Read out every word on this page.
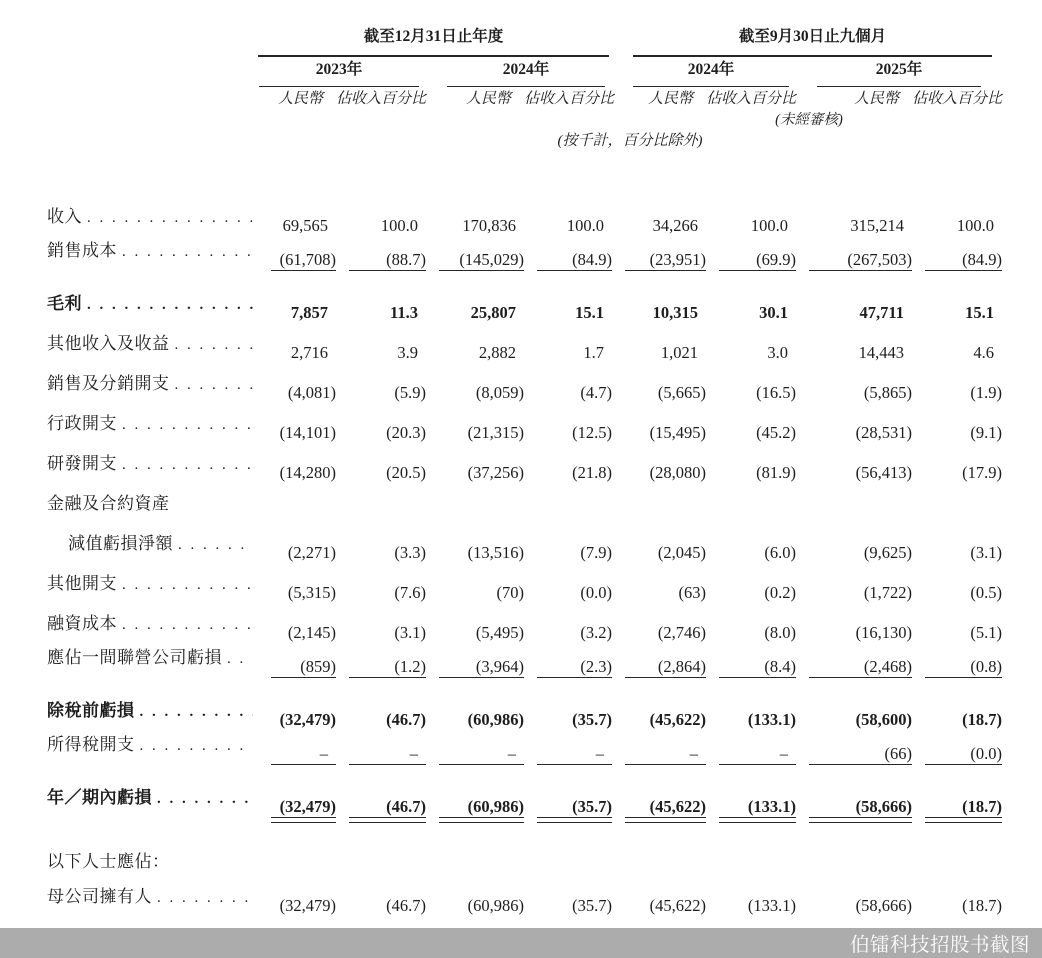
	截至12月31日止年度				截至9月30日止九個月			

	2023年		2024年		2024年		2025年	

	人民幣	佔收入百分比	人民幣	佔收入百分比	人民幣	佔收入百分比	人民幣	佔收入百分比
						(未經審核)		
	(按千計，百分比除外)							

收入
. . .	69,565	100.0	170,836	100.0	34,266	100.0	315,214	100.0

銷售成本
. . .	(61,708)	(88.7)	(145,029)	(84.9)	(23,951)	(69.9)	(267,503)	(84.9)

毛利
. . .	7,857	11.3	25,807	15.1	10,315	30.1	47,711	15.1

其他收入及收益
. . .	2,716	3.9	2,882	1.7	1,021	3.0	14,443	4.6

銷售及分銷開支
. . .	(4,081)	(5.9)	(8,059)	(4.7)	(5,665)	(16.5)	(5,865)	(1.9)

行政開支
. . .	(14,101)	(20.3)	(21,315)	(12.5)	(15,495)	(45.2)	(28,531)	(9.1)

研發開支
. . .	(14,280)	(20.5)	(37,256)	(21.8)	(28,080)	(81.9)	(56,413)	(17.9)

金融及合約資產								

減值虧損淨額
. . .	(2,271)	(3.3)	(13,516)	(7.9)	(2,045)	(6.0)	(9,625)	(3.1)

其他開支
. . .	(5,315)	(7.6)	(70)	(0.0)	(63)	(0.2)	(1,722)	(0.5)

融資成本
. . .	(2,145)	(3.1)	(5,495)	(3.2)	(2,746)	(8.0)	(16,130)	(5.1)

應佔一間聯營公司虧損
. . .	(859)	(1.2)	(3,964)	(2.3)	(2,864)	(8.4)	(2,468)	(0.8)

除稅前虧損
. . .	(32,479)	(46.7)	(60,986)	(35.7)	(45,622)	(133.1)	(58,600)	(18.7)

所得稅開支
. . .	–	–	–	–	–	–	(66)	(0.0)

年／期內虧損
. . .	(32,479)	(46.7)	(60,986)	(35.7)	(45,622)	(133.1)	(58,666)	(18.7)

以下人士應佔：								

母公司擁有人
. . .	(32,479)	(46.7)	(60,986)	(35.7)	(45,622)	(133.1)	(58,666)	(18.7)
伯镭科技招股书截图
